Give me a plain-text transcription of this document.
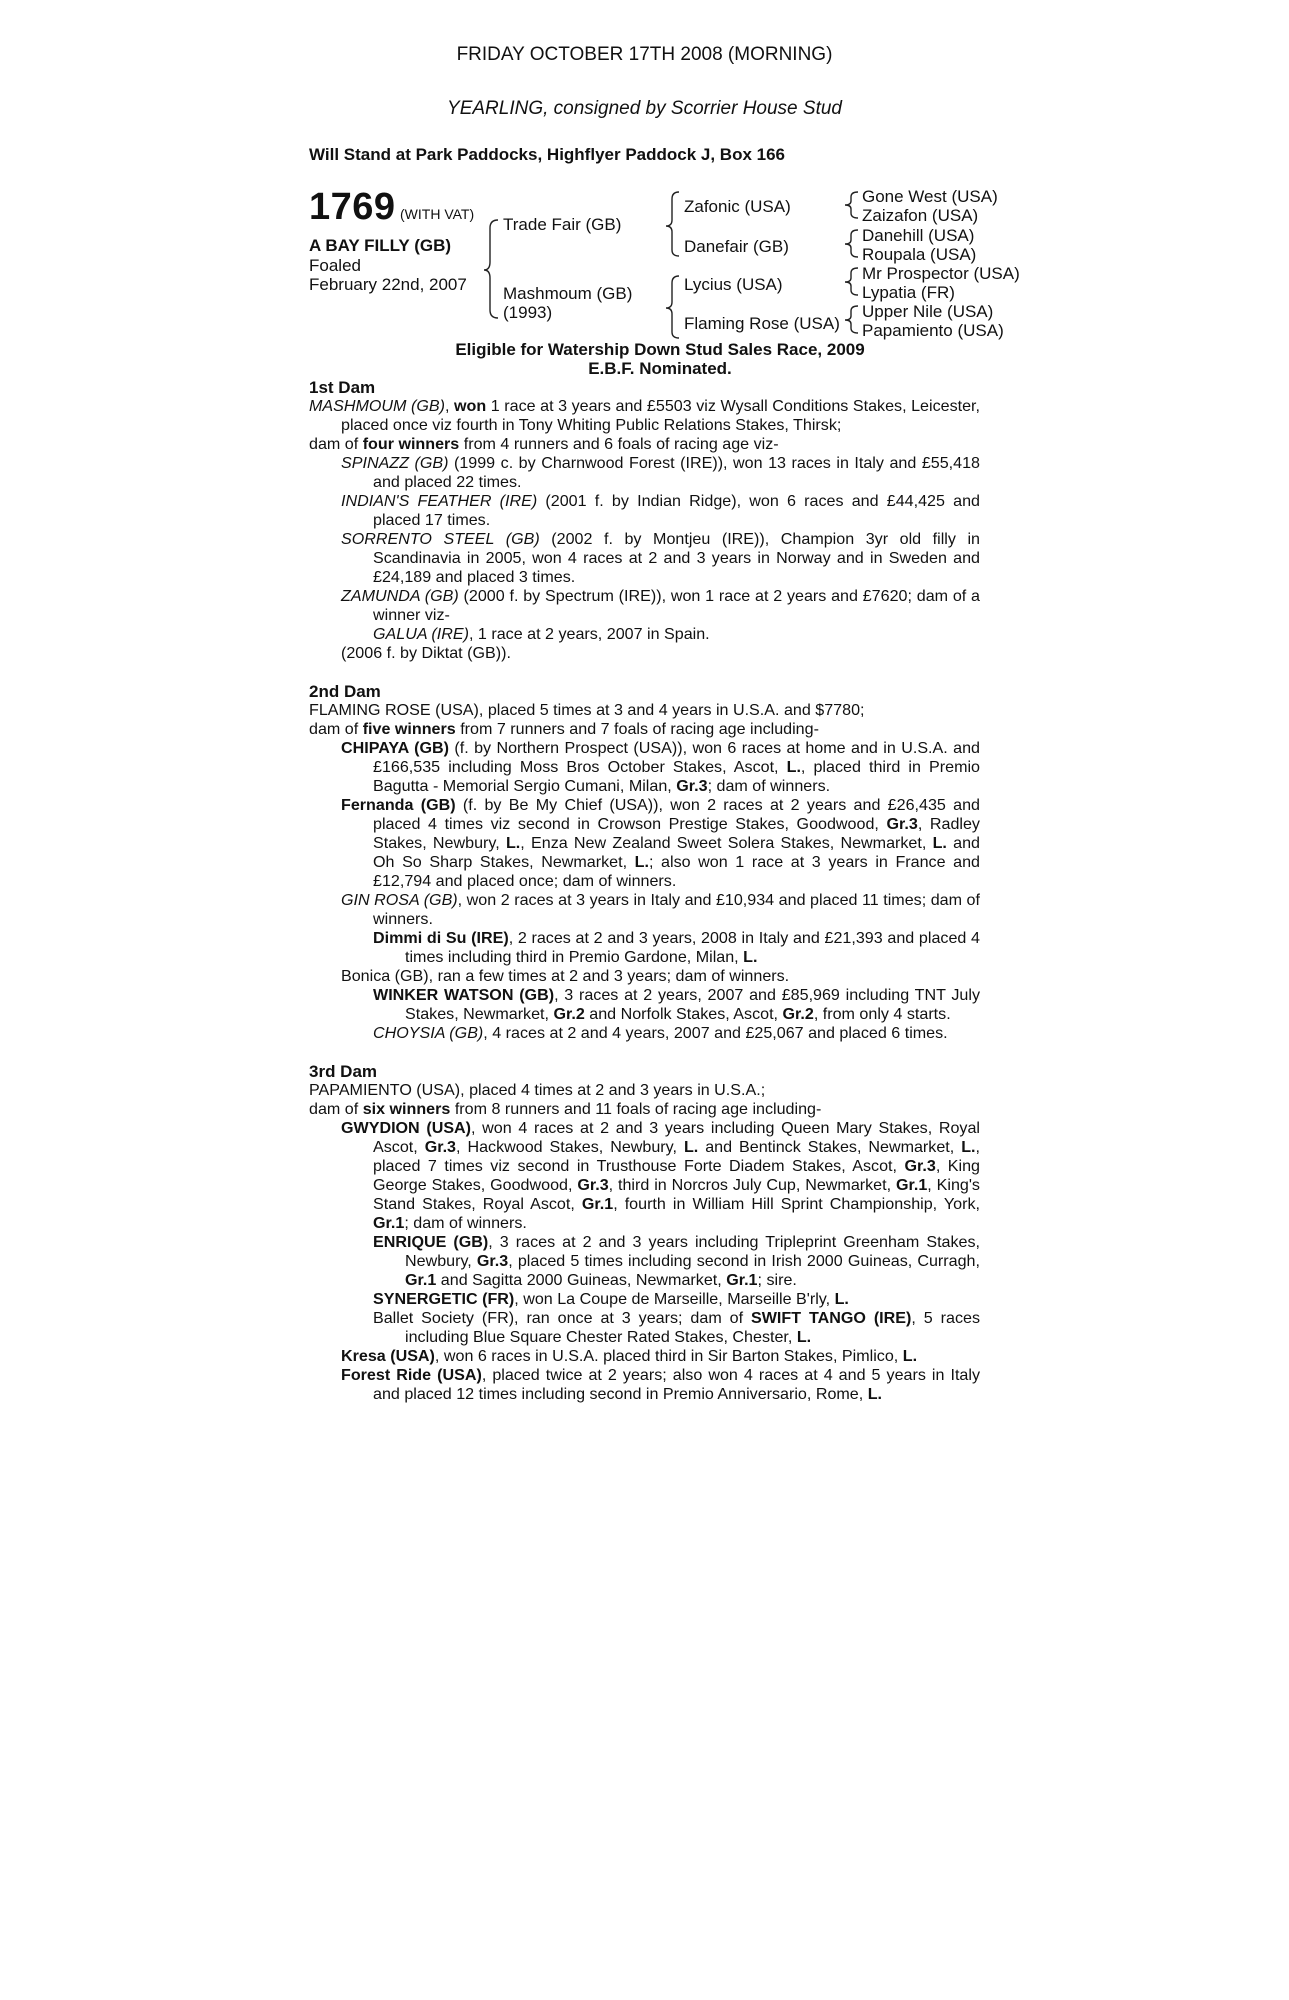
FRIDAY OCTOBER 17TH 2008 (MORNING)
YEARLING, consigned by Scorrier House Stud
Will Stand at Park Paddocks, Highflyer Paddock J, Box 166
1769 (WITH VAT)
A BAY FILLY (GB)
Foaled
February 22nd, 2007
Trade Fair (GB)
Mashmoum (GB)
(1993)
Zafonic (USA)
Danefair (GB)
Lycius (USA)
Flaming Rose (USA)
Gone West (USA)
Zaizafon (USA)
Danehill (USA)
Roupala (USA)
Mr Prospector (USA)
Lypatia (FR)
Upper Nile (USA)
Papamiento (USA)
Eligible for Watership Down Stud Sales Race, 2009
E.B.F. Nominated.

1st Dam

MASHMOUM (GB), won 1 race at 3 years and £5503 viz Wysall Conditions Stakes, Leicester, placed once viz fourth in Tony Whiting Public Relations Stakes, Thirsk;

dam of four winners from 4 runners and 6 foals of racing age viz-

SPINAZZ (GB) (1999 c. by Charnwood Forest (IRE)), won 13 races in Italy and £55,418 and placed 22 times.

INDIAN'S FEATHER (IRE) (2001 f. by Indian Ridge), won 6 races and £44,425 and placed 17 times.

SORRENTO STEEL (GB) (2002 f. by Montjeu (IRE)), Champion 3yr old filly in Scandinavia in 2005, won 4 races at 2 and 3 years in Norway and in Sweden and £24,189 and placed 3 times.

ZAMUNDA (GB) (2000 f. by Spectrum (IRE)), won 1 race at 2 years and £7620; dam of a winner viz-

GALUA (IRE), 1 race at 2 years, 2007 in Spain.

(2006 f. by Diktat (GB)).

2nd Dam

FLAMING ROSE (USA), placed 5 times at 3 and 4 years in U.S.A. and $7780;

dam of five winners from 7 runners and 7 foals of racing age including-

CHIPAYA (GB) (f. by Northern Prospect (USA)), won 6 races at home and in U.S.A. and £166,535 including Moss Bros October Stakes, Ascot, L., placed third in Premio Bagutta - Memorial Sergio Cumani, Milan, Gr.3; dam of winners.

Fernanda (GB) (f. by Be My Chief (USA)), won 2 races at 2 years and £26,435 and placed 4 times viz second in Crowson Prestige Stakes, Goodwood, Gr.3, Radley Stakes, Newbury, L., Enza New Zealand Sweet Solera Stakes, Newmarket, L. and Oh So Sharp Stakes, Newmarket, L.; also won 1 race at 3 years in France and £12,794 and placed once; dam of winners.

GIN ROSA (GB), won 2 races at 3 years in Italy and £10,934 and placed 11 times; dam of winners.

Dimmi di Su (IRE), 2 races at 2 and 3 years, 2008 in Italy and £21,393 and placed 4 times including third in Premio Gardone, Milan, L.

Bonica (GB), ran a few times at 2 and 3 years; dam of winners.

WINKER WATSON (GB), 3 races at 2 years, 2007 and £85,969 including TNT July Stakes, Newmarket, Gr.2 and Norfolk Stakes, Ascot, Gr.2, from only 4 starts.

CHOYSIA (GB), 4 races at 2 and 4 years, 2007 and £25,067 and placed 6 times.

3rd Dam

PAPAMIENTO (USA), placed 4 times at 2 and 3 years in U.S.A.;

dam of six winners from 8 runners and 11 foals of racing age including-

GWYDION (USA), won 4 races at 2 and 3 years including Queen Mary Stakes, Royal Ascot, Gr.3, Hackwood Stakes, Newbury, L. and Bentinck Stakes, Newmarket, L., placed 7 times viz second in Trusthouse Forte Diadem Stakes, Ascot, Gr.3, King George Stakes, Goodwood, Gr.3, third in Norcros July Cup, Newmarket, Gr.1, King's Stand Stakes, Royal Ascot, Gr.1, fourth in William Hill Sprint Championship, York, Gr.1; dam of winners.

ENRIQUE (GB), 3 races at 2 and 3 years including Tripleprint Greenham Stakes, Newbury, Gr.3, placed 5 times including second in Irish 2000 Guineas, Curragh, Gr.1 and Sagitta 2000 Guineas, Newmarket, Gr.1; sire.

SYNERGETIC (FR), won La Coupe de Marseille, Marseille B'rly, L.

Ballet Society (FR), ran once at 3 years; dam of SWIFT TANGO (IRE), 5 races including Blue Square Chester Rated Stakes, Chester, L.

Kresa (USA), won 6 races in U.S.A. placed third in Sir Barton Stakes, Pimlico, L.

Forest Ride (USA), placed twice at 2 years; also won 4 races at 4 and 5 years in Italy and placed 12 times including second in Premio Anniversario, Rome, L.
